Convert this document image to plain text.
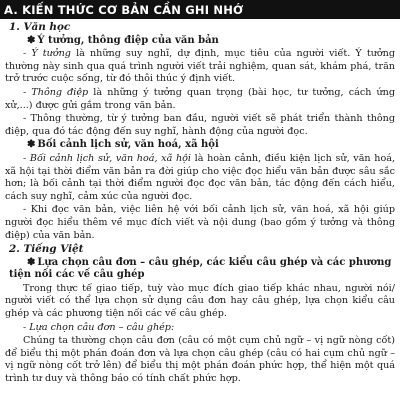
A. KIẾN THỨC CƠ BẢN CẦN GHI NHỚ
1. Văn học
✽ Ý tưởng, thông điệp của văn bản

- Ý tưởng là những suy nghĩ, dự định, mục tiêu của người viết. Ý tưởng thường này sinh qua quá trình người viết trải nghiệm, quan sát, khám phá, trăn trở trước cuộc sống, từ đó thôi thúc ý định viết.

- Thông điệp là những ý tưởng quan trọng (bài học, tư tưởng, cách ứng xử,...) được gửi gắm trong văn bản.

- Thông thường, từ ý tưởng ban đầu, người viết sẽ phát triển thành thông điệp, qua đó tác động đến suy nghĩ, hành động của người đọc.

✽ Bối cảnh lịch sử, văn hoá, xã hội

- Bối cảnh lịch sử, văn hoá, xã hội là hoàn cảnh, điều kiện lịch sử, văn hoá, xã hội tại thời điểm văn bản ra đời giúp cho việc đọc hiểu văn bản được sâu sắc hơn; là bối cảnh tại thời điểm người đọc đọc văn bản, tác động đến cách hiểu, cách suy nghĩ, cảm xúc của người đọc.

- Khi đọc văn bản, việc liên hệ với bối cảnh lịch sử, văn hoá, xã hội giúp người đọc hiểu thêm về mục đích viết và nội dung (bao gồm ý tưởng và thông điệp) của văn bản.

2. Tiếng Việt
✽ Lựa chọn câu đơn – câu ghép, các kiểu câu ghép và các phương tiện nối các vế câu ghép

Trong thực tế giao tiếp, tuỳ vào mục đích giao tiếp khác nhau, người nói/ người viết có thể lựa chọn sử dụng câu đơn hay câu ghép, lựa chọn kiểu câu ghép và các phương tiện nối các vế câu ghép.

- Lựa chọn câu đơn – câu ghép:

Chúng ta thường chọn câu đơn (câu có một cụm chủ ngữ – vị ngữ nòng cốt) để biểu thị một phán đoán đơn và lựa chọn câu ghép (câu có hai cụm chủ ngữ – vị ngữ nòng cốt trở lên) để biểu thị một phán đoán phức hợp, thể hiện một quá trình tư duy và thông báo có tính chất phức hợp.
